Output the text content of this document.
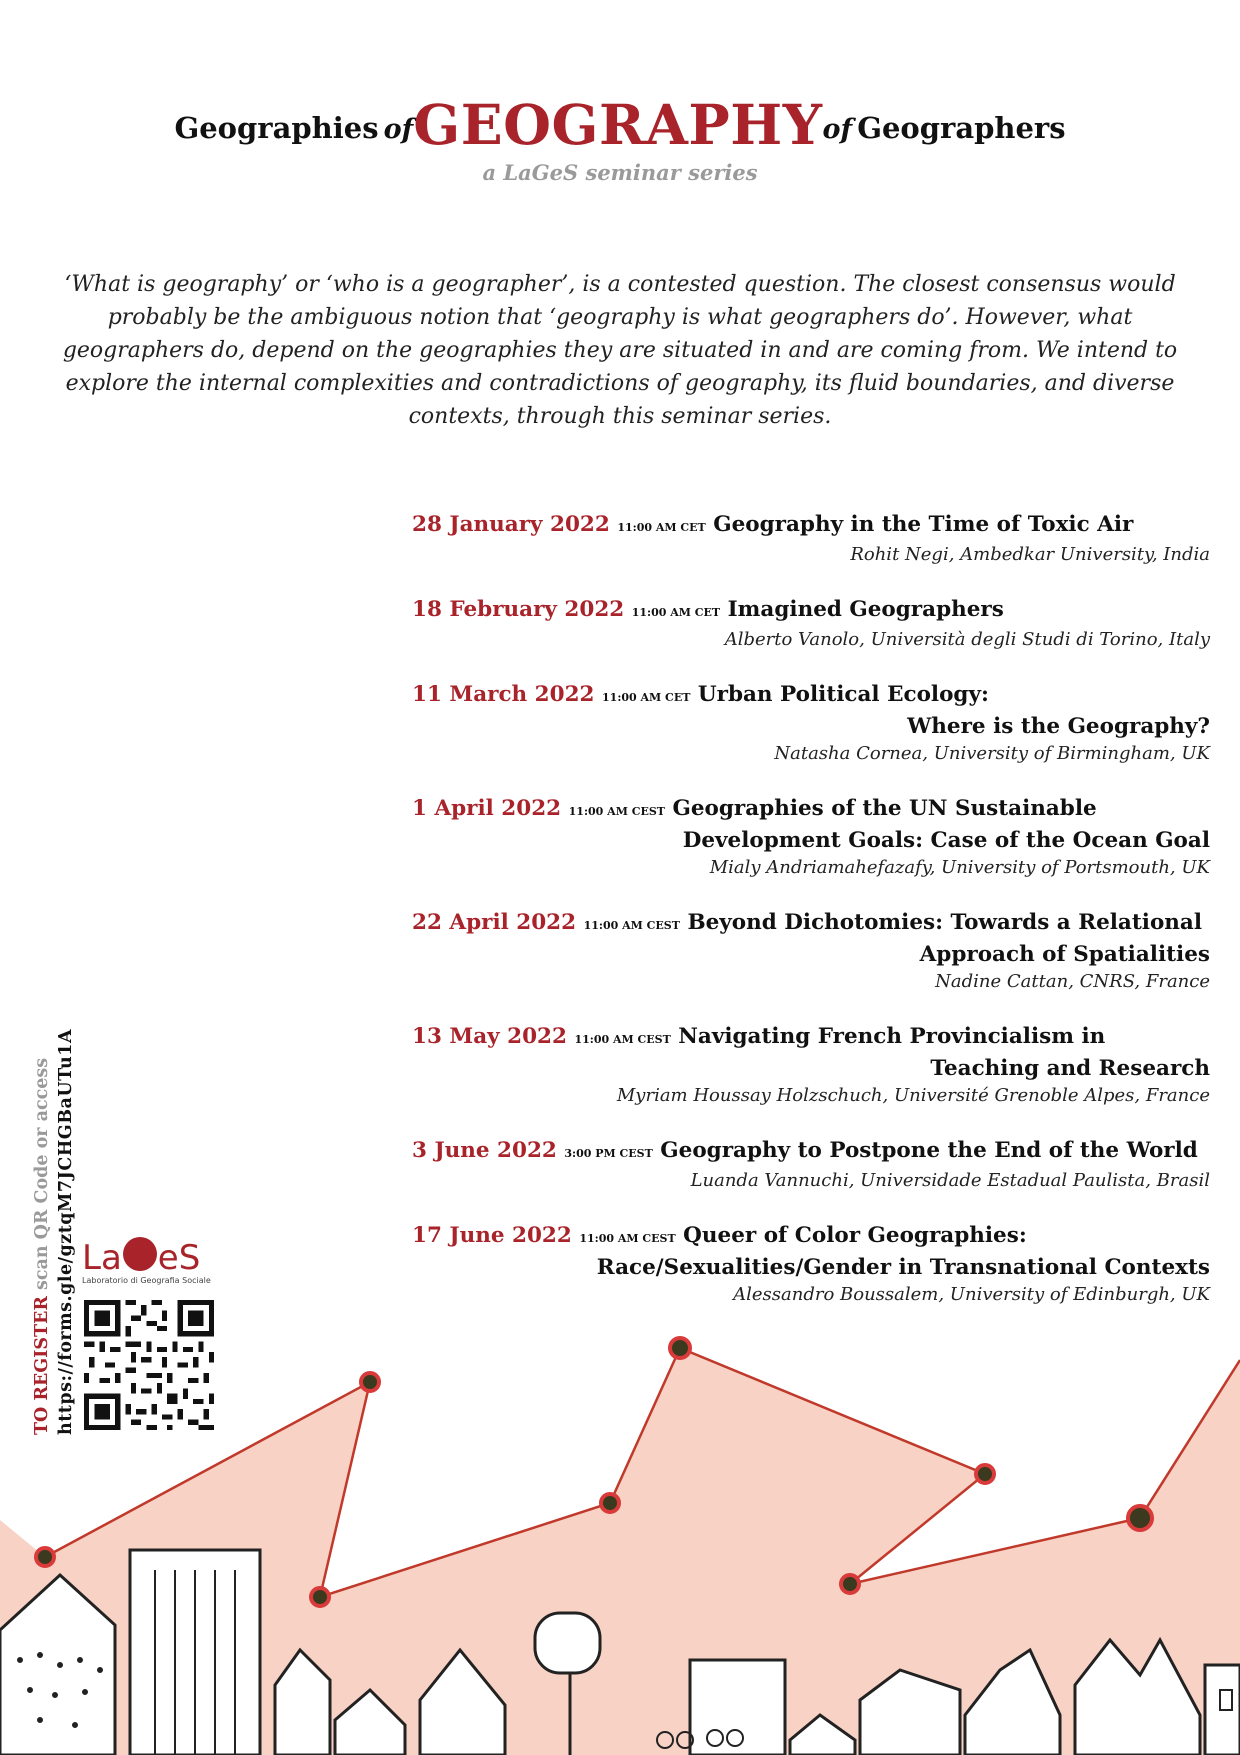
Geographies ofGEOGRAPHYof Geographers
a LaGeS seminar series
‘What is geography’ or ‘who is a geographer’, is a contested question. The closest consensus would probably be the ambiguous notion that ‘geography is what geographers do’. However, what geographers do, depend on the geographies they are situated in and are coming from. We intend to explore the internal complexities and contradictions of geography, its fluid boundaries, and diverse contexts, through this seminar series.
28 January 2022 11:00 AM CET Geography in the Time of Toxic Air
Rohit Negi, Ambedkar University, India
18 February 2022 11:00 AM CET Imagined Geographers
Alberto Vanolo, Università degli Studi di Torino, Italy
11 March 2022 11:00 AM CET Urban Political Ecology:
Where is the Geography?
Natasha Cornea, University of Birmingham, UK
1 April 2022 11:00 AM CEST Geographies of the UN Sustainable
Development Goals: Case of the Ocean Goal
Mialy Andriamahefazafy, University of Portsmouth, UK
22 April 2022 11:00 AM CEST Beyond Dichotomies: Towards a Relational
Approach of Spatialities
Nadine Cattan, CNRS, France
13 May 2022 11:00 AM CEST Navigating French Provincialism in
Teaching and Research
Myriam Houssay Holzschuch, Université Grenoble Alpes, France
3 June 2022 3:00 PM CEST Geography to Postpone the End of the World
Luanda Vannuchi, Universidade Estadual Paulista, Brasil
17 June 2022 11:00 AM CEST Queer of Color Geographies:
Race/Sexualities/Gender in Transnational Contexts
Alessandro Boussalem, University of Edinburgh, UK
TO REGISTER scan QR Code or access https://forms.gle/gztqM7JCHGBaUTu1A La eS
Laboratorio di Geografia Sociale
